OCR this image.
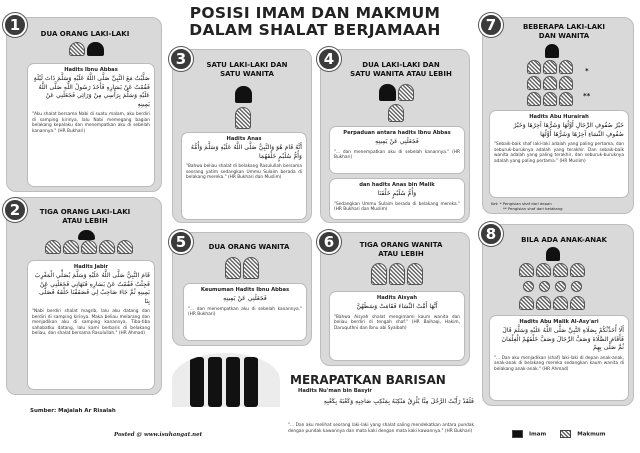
POSISI IMAM DAN MAKMUM
DALAM SHALAT BERJAMAAH
DUA ORANG LAKI-LAKI
Hadits Ibnu Abbas
صَلَّيْتُ مَعَ النَّبِيِّ صَلَّى اللَّهُ عَلَيْهِ وَسَلَّمَ ذَاتَ لَيْلَةٍ فَقُمْتُ عَنْ يَسَارِهِ فَأَخَذَ رَسُولُ اللَّهِ صَلَّى اللَّهُ عَلَيْهِ وَسَلَّمَ بِرَأْسِي مِنْ وَرَائِي فَجَعَلَنِي عَنْ يَمِينِهِ
"Aku shalat bersama Nabi di suatu malam, aku berdiri di samping kirinya, lalu Nabi memegang bagian belakang kepalaku dan menempatkan aku di sebelah kanannya." (HR Bukhari)
1
TIGA ORANG LAKI-LAKI
ATAU LEBIH
Hadits Jabir
قَامَ النَّبِيُّ صَلَّى اللَّهُ عَلَيْهِ وَسَلَّمَ يُصَلِّي الْمَغْرِبَ فَجِئْتُ فَقُمْتُ عَنْ يَسَارِهِ فَنَهَانِي فَجَعَلَنِي عَنْ يَمِينِهِ ثُمَّ جَاءَ صَاحِبٌ لِي فَصَفَفْنَا خَلْفَهُ فَصَلَّى بِنَا
"Nabi berdiri shalat magrib, lalu aku datang dan berdiri di samping kirinya. Maka beliau melarang dan menjadikan aku di samping kanannya. Tiba-tiba sahabatku datang, lalu kami berbaris di belakang beliau, dan shalat bersama Rasulullah." (HR Ahmad)
2
SATU LAKI-LAKI DAN
SATU WANITA
Hadits Anas
أَنَّهُ قَامَ هُوَ وَالنَّبِيُّ صَلَّى اللَّهُ عَلَيْهِ وَسَلَّمَ وَأُمُّهُ وَأُمُّ سُلَيْمٍ خَلْفَهُمَا
"Bahwa beliau shalat di belakang Rasulullah bersama seorang yatim sedangkan Ummu Sulaim berada di belakang mereka." (HR Bukhari dan Muslim)
3	DUA LAKI-LAKI DAN
SATU WANITA ATAU LEBIH
Perpaduan antara hadits Ibnu Abbas
فَجَعَلَنِي عَنْ يَمِينِهِ
"... dan menempatkan aku di sebelah kanannya." (HR Bukhari)
dan hadits Anas bin Malik
وَأُمُّ سُلَيْمٍ خَلْفَنَا
"Sedangkan Ummu Sulaim berada di belakang mereka." (HR Bukhari dan Muslim)
4
DUA ORANG WANITA
Keumuman Hadits Ibnu Abbas
فَجَعَلَنِي عَنْ يَمِينِهِ
"... dan menempatkan aku di sebelah kanannya." (HR Bukhari)
5	TIGA ORANG WANITA
ATAU LEBIH
Hadits Aisyah
أَنَّهَا أَمَّتْ النِّسَاءَ فَقَامَتْ وَسَطَهُنَّ
"Bahwa Aisyah shalat mengimami kaum wanita dan beliau berdiri di tengah shaf." (HR Baihaqi, Hakim, Daruquthni dan Ibnu abi Syaibah)
6
BEBERAPA LAKI-LAKI
DAN WANITA
*
**
Hadits Abu Hurairah
خَيْرُ صُفُوفِ الرِّجَالِ أَوَّلُهَا وَشَرُّهَا آخِرُهَا وَخَيْرُ صُفُوفِ النِّسَاءِ آخِرُهَا وَشَرُّهَا أَوَّلُهَا
"Sebaik-baik shaf laki-laki adalah yang paling pertama, dan seburuk-buruknya adalah yang terakhir. Dan sebaik-baik wanita adalah yang paling terakhir, dan seburuk-buruknya adalah yang paling pertama." (HR Muslim)
Ket: * Pengisian shaf dari depan
** Pengisian shaf dari belakang
7
BILA ADA ANAK-ANAK
Hadits Abu Malik Al-Asy'ari
أَلَا أُحَدِّثُكُمْ بِصَلَاةِ النَّبِيِّ صَلَّى اللَّهُ عَلَيْهِ وَسَلَّمَ قَالَ فَأَقَامَ الصَّلَاةَ وَصَفَّ الرِّجَالَ وَصَفَّ خَلْفَهُمْ الْغِلْمَانَ ثُمَّ صَلَّى بِهِمْ
"... Dan aku menjadikan (shaf) laki-laki di depan anak-anak, anak-anak di belakang mereka sedangkan kaum wanita di belakang anak-anak." (HR Ahmad)
8
MERAPATKAN BARISAN
Hadits Nu'man bin Basyir
فَلَقَدْ رَأَيْتُ الرَّجُلَ مِنَّا يُلْزِقُ مَنْكِبَهُ بِمَنْكِبِ صَاحِبِهِ وَكَعْبَهُ بِكَعْبِهِ
"... Dan aku melihat seorang laki-laki yang shalat saling mendekatkan antara pundak dengan pundak kawannya dan mata kaki dengan mata kaki kawannya." (HR Bukhari)
Sumber: Majalah Ar Risalah
Posted @ www.isuhangat.net	Imam	Makmum
